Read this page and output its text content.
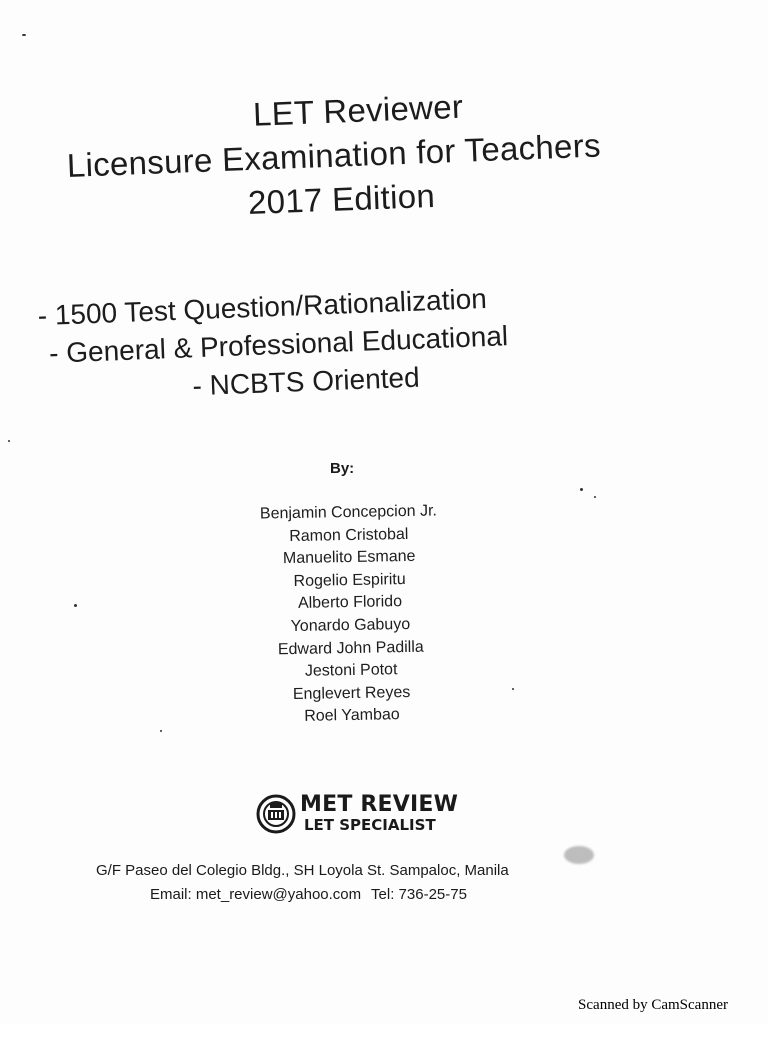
LET Reviewer
Licensure Examination for Teachers
2017 Edition
- 1500 Test Question/Rationalization
- General & Professional Educational
- NCBTS Oriented
By:
Benjamin Concepcion Jr.
Ramon Cristobal
Manuelito Esmane
Rogelio Espiritu
Alberto Florido
Yonardo Gabuyo
Edward John Padilla
Jestoni Potot
Englevert Reyes
Roel Yambao
MET REVIEW
LET SPECIALIST
G/F Paseo del Colegio Bldg., SH Loyola St. Sampaloc, Manila
Email: met_review@yahoo.com Tel: 736-25-75
Scanned by CamScanner
